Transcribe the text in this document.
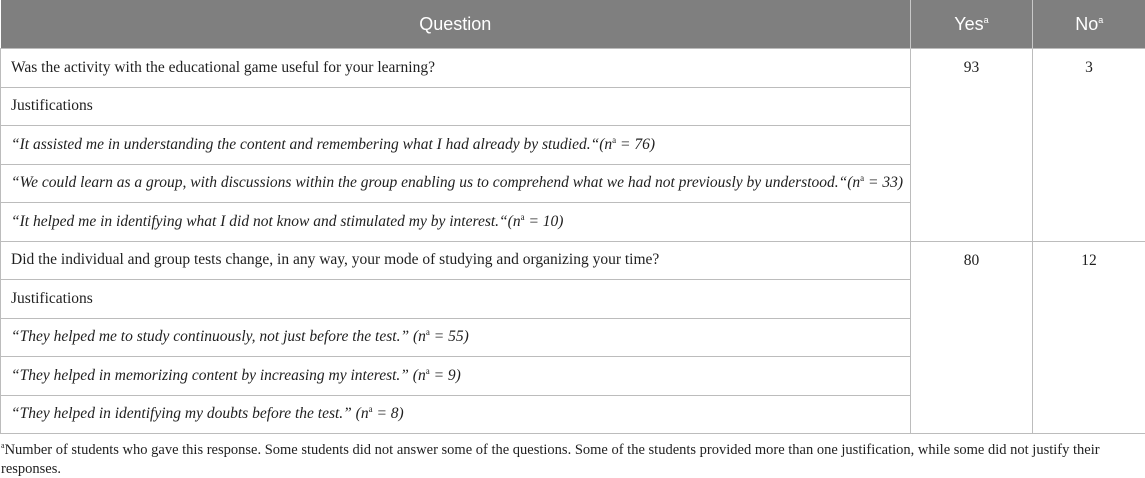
Question	Yes$^a$	No$^a$
Was the activity with the educational game useful for your learning?	93	3
Justifications		
“It assisted me in understanding the content and remembering what I had already by $studied.“(n^a = 76)$		
“We could learn as a group, with discussions within the group enabling us to comprehend what we had not previously by $understood.“(n^a = 33)$		
“It helped me in identifying what I did not know and stimulated my by $interest.“(n^a = 10)$		
Did the individual and group tests change, in any way, your mode of studying and organizing your time?	80	12
Justifications		
“They helped me to study continuously, not just before the test.” $(n^a = 55)$		
“They helped in memorizing content by increasing my interest.” $(n^a = 9)$		
“They helped in identifying my doubts before the test.” $(n^a = 8)$		
$^a$Number of students who gave this response. Some students did not answer some of the questions. Some of the students provided more than one justification, while some did not justify their responses.
